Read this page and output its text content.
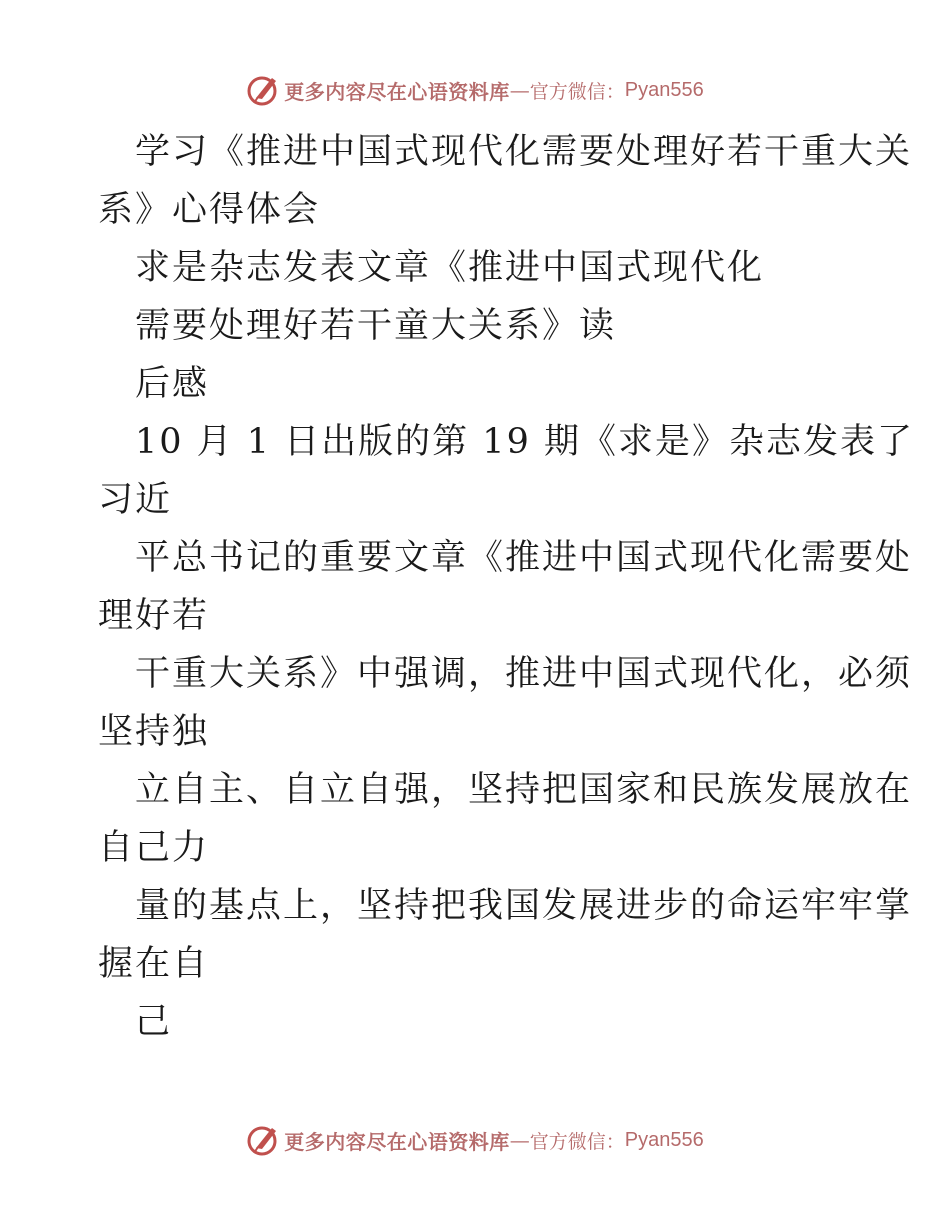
更多内容尽在心语资料库 — 官方微信： Pyan556
学习《推进中国式现代化需要处理好若干重大关
系》心得体会
求是杂志发表文章《推进中国式现代化
需要处理好若干童大关系》读
后感
10 月 1 日出版的第 19 期《求是》杂志发表了
习近
平总书记的重要文章《推进中国式现代化需要处
理好若
干重大关系》中强调，推进中国式现代化，必须
坚持独
立自主、自立自强，坚持把国家和民族发展放在
自己力
量的基点上，坚持把我国发展进步的命运牢牢掌
握在自
己
更多内容尽在心语资料库 — 官方微信： Pyan556
